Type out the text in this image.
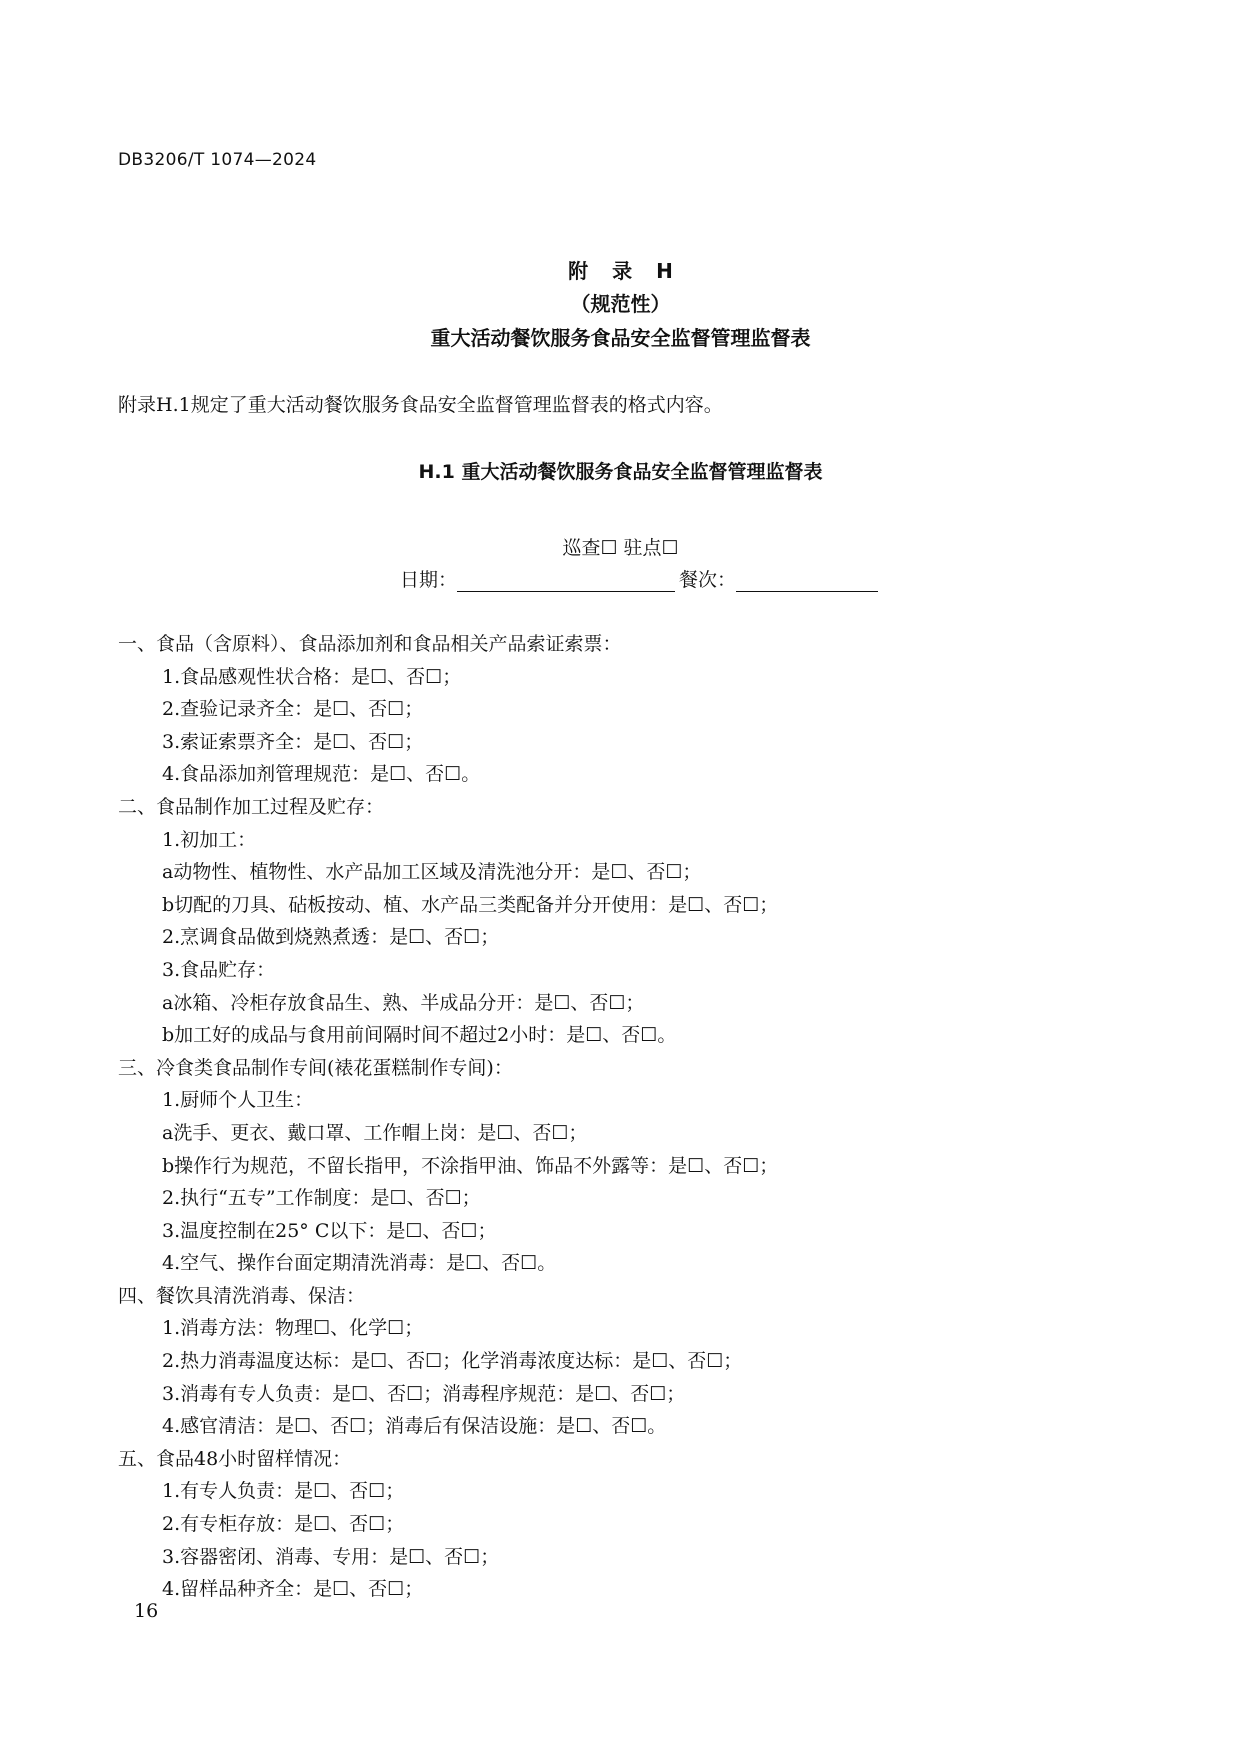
DB3206/T 1074—2024
附录H
（规范性）
重大活动餐饮服务食品安全监督管理监督表
附录H.1规定了重大活动餐饮服务食品安全监督管理监督表的格式内容。
H.1 重大活动餐饮服务食品安全监督管理监督表
巡查☐ 驻点☐
日期：	餐次：
一、食品（含原料）、食品添加剂和食品相关产品索证索票：
1.食品感观性状合格：是☐、否☐；
2.查验记录齐全：是☐、否☐；
3.索证索票齐全：是☐、否☐；
4.食品添加剂管理规范：是☐、否☐。
二、食品制作加工过程及贮存：
1.初加工：
a动物性、植物性、水产品加工区域及清洗池分开：是☐、否☐；
b切配的刀具、砧板按动、植、水产品三类配备并分开使用：是☐、否☐；
2.烹调食品做到烧熟煮透：是☐、否☐；
3.食品贮存：
a冰箱、冷柜存放食品生、熟、半成品分开：是☐、否☐；
b加工好的成品与食用前间隔时间不超过2小时：是☐、否☐。
三、冷食类食品制作专间(裱花蛋糕制作专间)：
1.厨师个人卫生：
a洗手、更衣、戴口罩、工作帽上岗：是☐、否☐；
b操作行为规范，不留长指甲，不涂指甲油、饰品不外露等：是☐、否☐；
2.执行“五专”工作制度：是☐、否☐；
3.温度控制在25° C以下：是☐、否☐；
4.空气、操作台面定期清洗消毒：是☐、否☐。
四、餐饮具清洗消毒、保洁：
1.消毒方法：物理☐、化学☐；
2.热力消毒温度达标：是☐、否☐；化学消毒浓度达标：是☐、否☐；
3.消毒有专人负责：是☐、否☐；消毒程序规范：是☐、否☐；
4.感官清洁：是☐、否☐；消毒后有保洁设施：是☐、否☐。
五、食品48小时留样情况：
1.有专人负责：是☐、否☐；
2.有专柜存放：是☐、否☐；
3.容器密闭、消毒、专用：是☐、否☐；
4.留样品种齐全：是☐、否☐；
16
